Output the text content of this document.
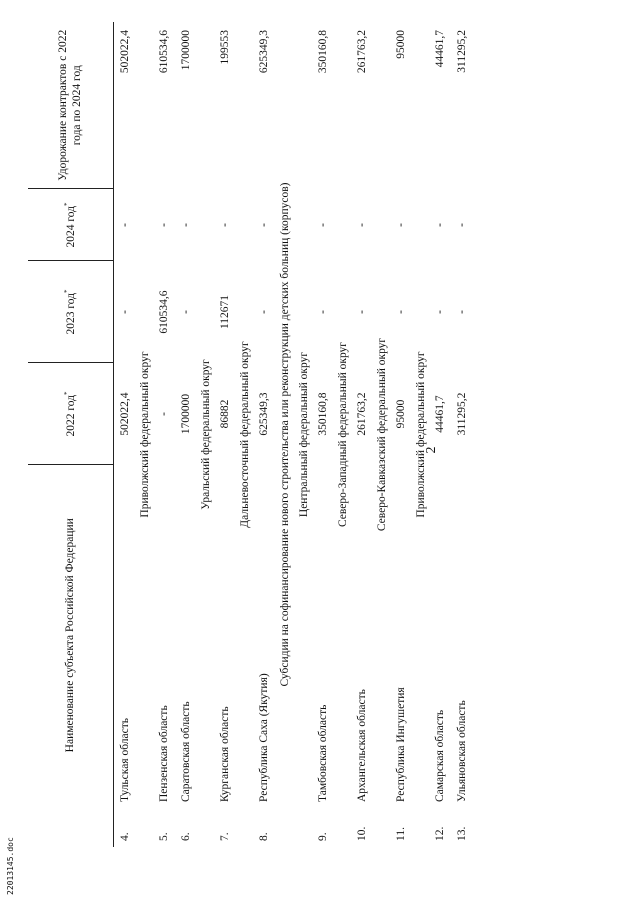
2
22013145.doc
	Наименование субъекта Российской Федерации	2022 год*	2023 год*	2024 год*	Удорожание контрактов с 2022 года по 2024 год
4.	Тульская область	502022,4	-	-	502022,4
Приволжский федеральный округ					
5.	Пензенская область	-	610534,6	-	610534,6
6.	Саратовская область	1700000	-	-	1700000
Уральский федеральный округ					
7.	Курганская область	86882	112671	-	199553
Дальневосточный федеральный округ					
8.	Республика Саха (Якутия)	625349,3	-	-	625349,3
Субсидии на софинансирование нового строительства или реконструкции детских больниц (корпусов)					
Центральный федеральный округ					
9.	Тамбовская область	350160,8	-	-	350160,8
Северо-Западный федеральный округ					
10.	Архангельская область	261763,2	-	-	261763,2
Северо-Кавказский федеральный округ					
11.	Республика Ингушетия	95000	-	-	95000
Приволжский федеральный округ					
12.	Самарская область	44461,7	-	-	44461,7
13.	Ульяновская область	311295,2	-	-	311295,2
